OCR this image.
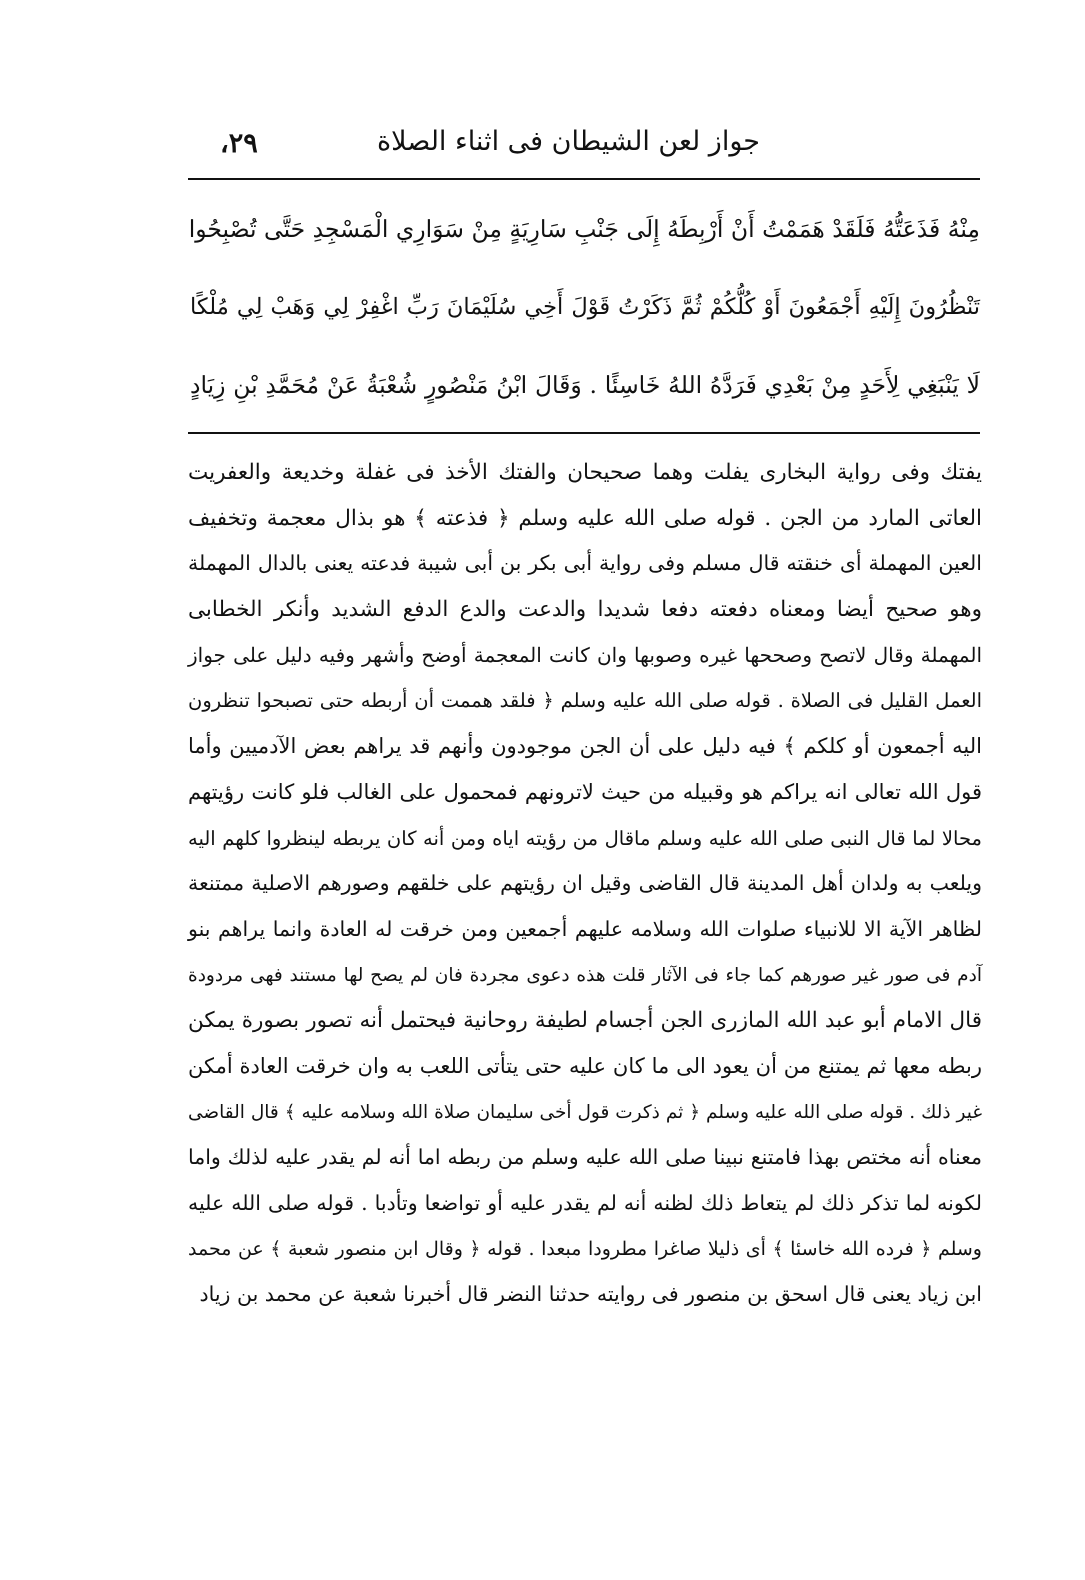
جواز لعن الشيطان فى اثناء الصلاة
٢٩،
مِنْهُ فَذَعَتُّهُ فَلَقَدْ هَمَمْتُ أَنْ أَرْبِطَهُ إِلَى جَنْبِ سَارِيَةٍ مِنْ سَوَارِي الْمَسْجِدِ حَتَّى تُصْبِحُوا
تَنْظُرُونَ إِلَيْهِ أَجْمَعُونَ أَوْ كُلُّكُمْ ثُمَّ ذَكَرْتُ قَوْلَ أَخِي سُلَيْمَانَ رَبِّ اغْفِرْ لِي وَهَبْ لِي مُلْكًا
لَا يَنْبَغِي لِأَحَدٍ مِنْ بَعْدِي فَرَدَّهُ اللهُ خَاسِئًا . وَقَالَ ابْنُ مَنْصُورٍ شُعْبَةُ عَنْ مُحَمَّدِ بْنِ زِيَادٍ
يفتك وفى رواية البخارى يفلت وهما صحيحان والفتك الأخذ فى غفلة وخديعة والعفريت
العاتى المارد من الجن . قوله صلى الله عليه وسلم ﴿ فذعته ﴾ هو بذال معجمة وتخفيف
العين المهملة أى خنقته قال مسلم وفى رواية أبى بكر بن أبى شيبة فدعته يعنى بالدال المهملة
وهو صحيح أيضا ومعناه دفعته دفعا شديدا والدعت والدع الدفع الشديد وأنكر الخطابى
المهملة وقال لاتصح وصححها غيره وصوبها وان كانت المعجمة أوضح وأشهر وفيه دليل على جواز
العمل القليل فى الصلاة . قوله صلى الله عليه وسلم ﴿ فلقد هممت أن أربطه حتى تصبحوا تنظرون
اليه أجمعون أو كلكم ﴾ فيه دليل على أن الجن موجودون وأنهم قد يراهم بعض الآدميين وأما
قول الله تعالى انه يراكم هو وقبيله من حيث لاترونهم فمحمول على الغالب فلو كانت رؤيتهم
محالا لما قال النبى صلى الله عليه وسلم ماقال من رؤيته اياه ومن أنه كان يربطه لينظروا كلهم اليه
ويلعب به ولدان أهل المدينة قال القاضى وقيل ان رؤيتهم على خلقهم وصورهم الاصلية ممتنعة
لظاهر الآية الا للانبياء صلوات الله وسلامه عليهم أجمعين ومن خرقت له العادة وانما يراهم بنو
آدم فى صور غير صورهم كما جاء فى الآثار قلت هذه دعوى مجردة فان لم يصح لها مستند فهى مردودة
قال الامام أبو عبد الله المازرى الجن أجسام لطيفة روحانية فيحتمل أنه تصور بصورة يمكن
ربطه معها ثم يمتنع من أن يعود الى ما كان عليه حتى يتأتى اللعب به وان خرقت العادة أمكن
غير ذلك . قوله صلى الله عليه وسلم ﴿ ثم ذكرت قول أخى سليمان صلاة الله وسلامه عليه ﴾ قال القاضى
معناه أنه مختص بهذا فامتنع نبينا صلى الله عليه وسلم من ربطه اما أنه لم يقدر عليه لذلك واما
لكونه لما تذكر ذلك لم يتعاط ذلك لظنه أنه لم يقدر عليه أو تواضعا وتأدبا . قوله صلى الله عليه
وسلم ﴿ فرده الله خاسئا ﴾ أى ذليلا صاغرا مطرودا مبعدا . قوله ﴿ وقال ابن منصور شعبة ﴾ عن محمد
ابن زياد يعنى قال اسحق بن منصور فى روايته حدثنا النضر قال أخبرنا شعبة عن محمد بن زياد
